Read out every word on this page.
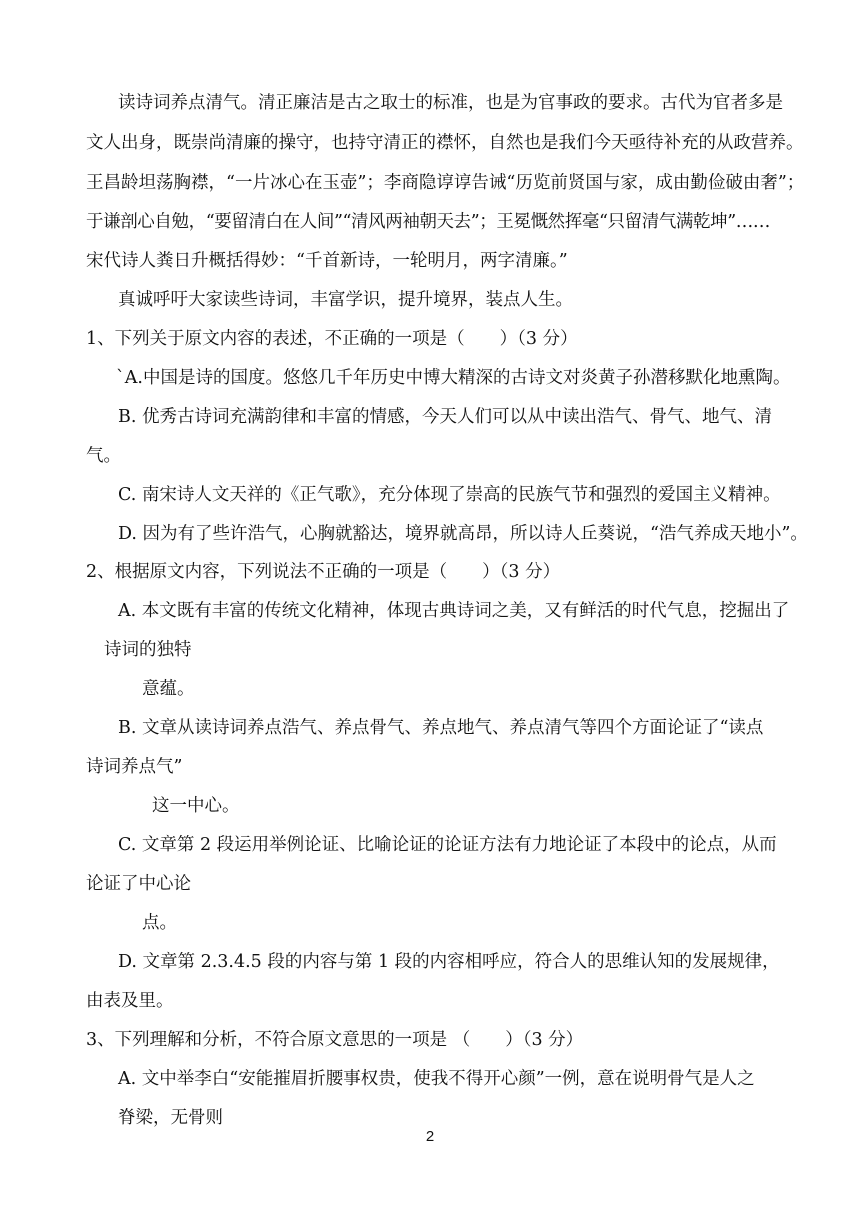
读诗词养点清气。清正廉洁是古之取士的标准，也是为官事政的要求。古代为官者多是
文人出身，既崇尚清廉的操守，也持守清正的襟怀，自然也是我们今天亟待补充的从政营养。
王昌龄坦荡胸襟，“一片冰心在玉壶”；李商隐谆谆告诫“历览前贤国与家，成由勤俭破由奢”；
于谦剖心自勉，“要留清白在人间”“清风两袖朝天去”；王冕慨然挥毫“只留清气满乾坤”……
宋代诗人粪日升概括得妙：“千首新诗，一轮明月，两字清廉。”
真诚呼吁大家读些诗词，丰富学识，提升境界，装点人生。
1、下列关于原文内容的表述，不正确的一项是（　　）（3 分）
`A.中国是诗的国度。悠悠几千年历史中博大精深的古诗文对炎黄子孙潜移默化地熏陶。
B. 优秀古诗词充满韵律和丰富的情感，今天人们可以从中读出浩气、骨气、地气、清
气。
C. 南宋诗人文天祥的《正气歌》，充分体现了崇高的民族气节和强烈的爱国主义精神。
D. 因为有了些许浩气，心胸就豁达，境界就高昂，所以诗人丘葵说，“浩气养成天地小”。
2、根据原文内容，下列说法不正确的一项是（　　）（3 分）
A. 本文既有丰富的传统文化精神，体现古典诗词之美，又有鲜活的时代气息，挖掘出了
诗词的独特
意蕴。
B. 文章从读诗词养点浩气、养点骨气、养点地气、养点清气等四个方面论证了“读点
诗词养点气”
这一中心。
C. 文章第 2 段运用举例论证、比喻论证的论证方法有力地论证了本段中的论点，从而
论证了中心论
点。
D. 文章第 2.3.4.5 段的内容与第 1 段的内容相呼应，符合人的思维认知的发展规律，
由表及里。
3、下列理解和分析，不符合原文意思的一项是 （　　）（3 分）
A. 文中举李白“安能摧眉折腰事权贵，使我不得开心颜”一例，意在说明骨气是人之
脊梁，无骨则
2
